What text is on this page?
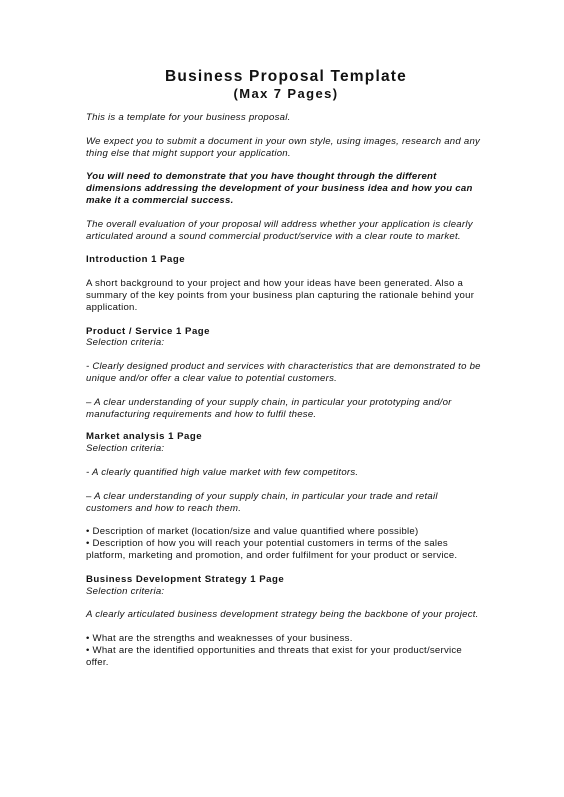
Business Proposal Template
(Max 7 Pages)

This is a template for your business proposal.

We expect you to submit a document in your own style, using images, research and any thing else that might support your application.

You will need to demonstrate that you have thought through the different dimensions addressing the development of your business idea and how you can make it a commercial success.

The overall evaluation of your proposal will address whether your application is clearly articulated around a sound commercial product/service with a clear route to market.

Introduction 1 Page

A short background to your project and how your ideas have been generated. Also a summary of the key points from your business plan capturing the rationale behind your application.

Product / Service 1 Page

Selection criteria:

- Clearly designed product and services with characteristics that are demonstrated to be unique and/or offer a clear value to potential customers.

– A clear understanding of your supply chain, in particular your prototyping and/or manufacturing requirements and how to fulfil these.

Market analysis 1 Page

Selection criteria:

- A clearly quantified high value market with few competitors.

– A clear understanding of your supply chain, in particular your trade and retail customers and how to reach them.

• Description of market (location/size and value quantified where possible)

• Description of how you will reach your potential customers in terms of the sales platform, marketing and promotion, and order fulfilment for your product or service.

Business Development Strategy 1 Page

Selection criteria:

A clearly articulated business development strategy being the backbone of your project.

• What are the strengths and weaknesses of your business.

• What are the identified opportunities and threats that exist for your product/service offer.
